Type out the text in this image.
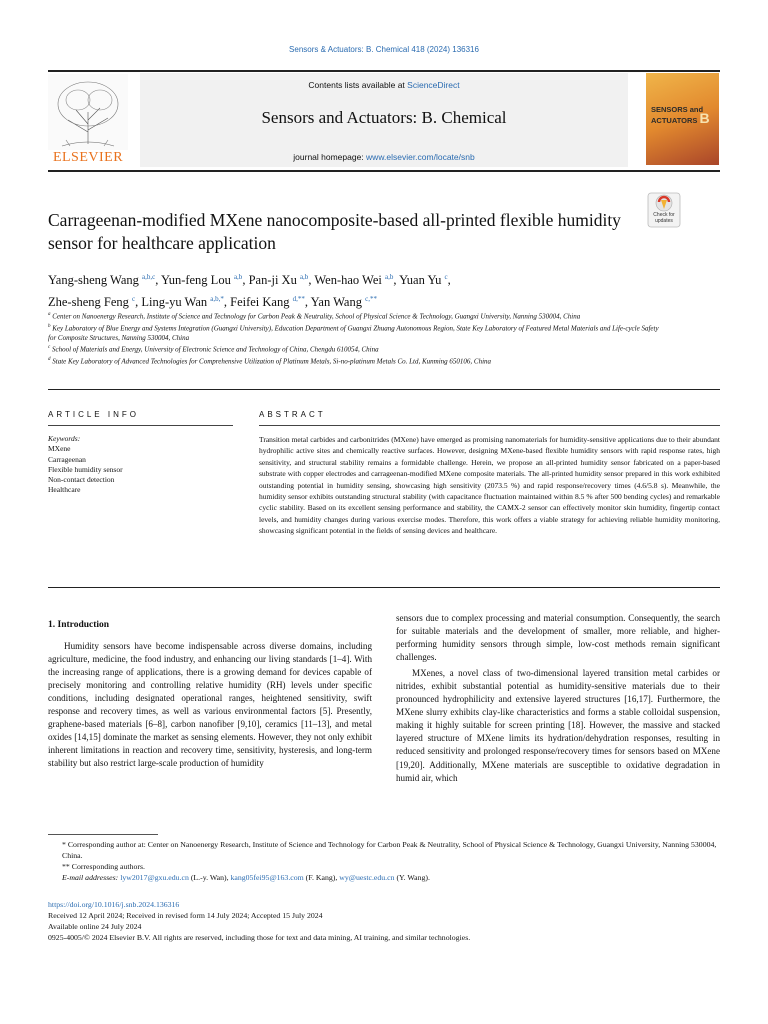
Sensors & Actuators: B. Chemical 418 (2024) 136316
ELSEVIER
Contents lists available at ScienceDirect
Sensors and Actuators: B. Chemical
journal homepage: www.elsevier.com/locate/snb
SENSORS and ACTUATORS B
Check for updates
Carrageenan-modified MXene nanocomposite-based all-printed flexible humidity sensor for healthcare application
Yang-sheng Wang $^{a,b,c}$, Yun-feng Lou $^{a,b}$, Pan-ji Xu $^{a,b}$, Wen-hao Wei $^{a,b}$, Yuan Yu $^c$,
Zhe-sheng Feng $^c$, Ling-yu Wan $^{a,b,*}$, Feifei Kang $^{d,**}$, Yan Wang $^{c,**}$
$^a$ Center on Nanoenergy Research, Institute of Science and Technology for Carbon Peak & Neutrality, School of Physical Science & Technology, Guangxi University, Nanning 530004, China
$^b$ Key Laboratory of Blue Energy and Systems Integration (Guangxi University), Education Department of Guangxi Zhuang Autonomous Region, State Key Laboratory of Featured Metal Materials and Life-cycle Safety for Composite Structures, Nanning 530004, China
$^c$ School of Materials and Energy, University of Electronic Science and Technology of China, Chengdu 610054, China
$^d$ State Key Laboratory of Advanced Technologies for Comprehensive Utilization of Platinum Metals, Si-no-platinum Metals Co. Ltd, Kunming 650106, China
ARTICLE INFO	ABSTRACT
Keywords:
MXene
Carrageenan
Flexible humidity sensor
Non-contact detection
Healthcare
Transition metal carbides and carbonitrides (MXene) have emerged as promising nanomaterials for humidity-sensitive applications due to their abundant hydrophilic active sites and chemically reactive surfaces. However, designing MXene-based flexible humidity sensors with rapid response rates, high sensitivity, and structural stability remains a formidable challenge. Herein, we propose an all-printed humidity sensor fabricated on a paper-based substrate with copper electrodes and carrageenan-modified MXene composite materials. The all-printed humidity sensor prepared in this work exhibited outstanding potential in humidity sensing, showcasing high sensitivity (2073.5 %) and rapid response/recovery times (4.6/5.8 s). Meanwhile, the humidity sensor exhibits outstanding structural stability (with capacitance fluctuation maintained within 8.5 % after 500 bending cycles) and remarkable cyclic stability. Based on its excellent sensing performance and stability, the CAMX-2 sensor can effectively monitor skin humidity, fingertip contact levels, and humidity changes during various exercise modes. Therefore, this work offers a viable strategy for achieving reliable humidity monitoring, showcasing significant potential in the fields of sensing devices and healthcare.
1. Introduction

Humidity sensors have become indispensable across diverse domains, including agriculture, medicine, the food industry, and enhancing our living standards [1–4]. With the increasing range of applications, there is a growing demand for devices capable of precisely monitoring and controlling relative humidity (RH) levels under specific conditions, including designated operational ranges, heightened sensitivity, swift response and recovery times, as well as various environmental factors [5]. Presently, graphene-based materials [6–8], carbon nanofiber [9,10], ceramics [11–13], and metal oxides [14,15] dominate the market as sensing elements. However, they not only exhibit inherent limitations in reaction and recovery time, sensitivity, hysteresis, and long-term stability but also restrict large-scale production of humidity

sensors due to complex processing and material consumption. Consequently, the search for suitable materials and the development of smaller, more reliable, and higher-performing humidity sensors through simple, low-cost methods remain significant challenges.

MXenes, a novel class of two-dimensional layered transition metal carbides or nitrides, exhibit substantial potential as humidity-sensitive materials due to their pronounced hydrophilicity and extensive layered structures [16,17]. Furthermore, the MXene slurry exhibits clay-like characteristics and forms a stable colloidal suspension, making it highly suitable for screen printing [18]. However, the massive and stacked layered structure of MXene limits its hydration/dehydration responses, resulting in reduced sensitivity and prolonged response/recovery times for sensors based on MXene [19,20]. Additionally, MXene materials are susceptible to oxidative degradation in humid air, which

* Corresponding author at: Center on Nanoenergy Research, Institute of Science and Technology for Carbon Peak & Neutrality, School of Physical Science & Technology, Guangxi University, Nanning 530004, China.
** Corresponding authors.
E-mail addresses: lyw2017@gxu.edu.cn (L.-y. Wan), kang05fei95@163.com (F. Kang), wy@uestc.edu.cn (Y. Wang).
https://doi.org/10.1016/j.snb.2024.136316
Received 12 April 2024; Received in revised form 14 July 2024; Accepted 15 July 2024
Available online 24 July 2024
0925-4005/© 2024 Elsevier B.V. All rights are reserved, including those for text and data mining, AI training, and similar technologies.
